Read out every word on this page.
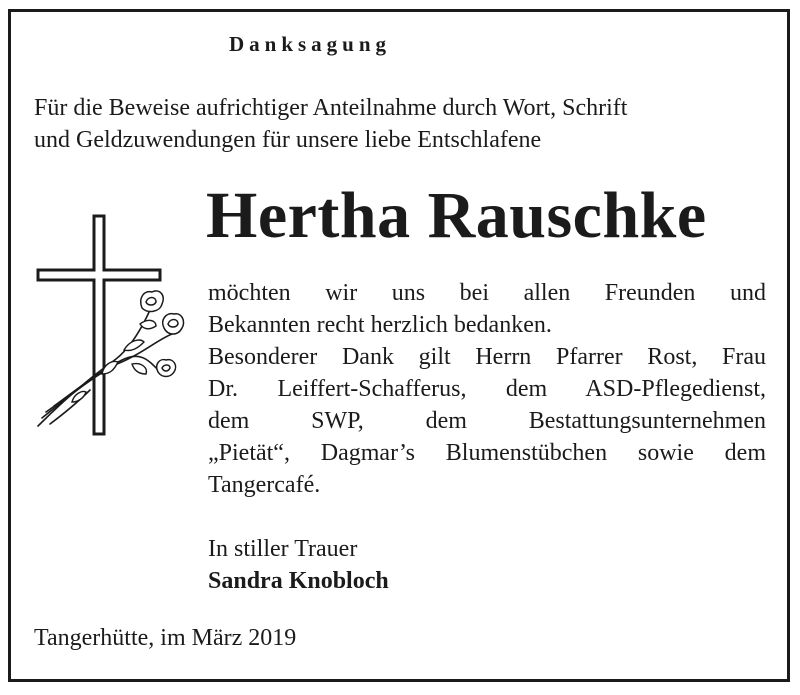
Danksagung
Für die Beweise aufrichtiger Anteilnahme durch Wort, Schrift
und Geldzuwendungen für unsere liebe Entschlafene
Hertha Rauschke
möchten wir uns bei allen Freunden und
Bekannten recht herzlich bedanken.
Besonderer Dank gilt Herrn Pfarrer Rost, Frau
Dr. Leiffert-Schafferus, dem ASD-Pflegedienst,
dem SWP, dem Bestattungsunternehmen
„Pietät“, Dagmar’s Blumenstübchen sowie dem
Tangercafé.
In stiller Trauer
Sandra Knobloch
Tangerhütte, im März 2019
